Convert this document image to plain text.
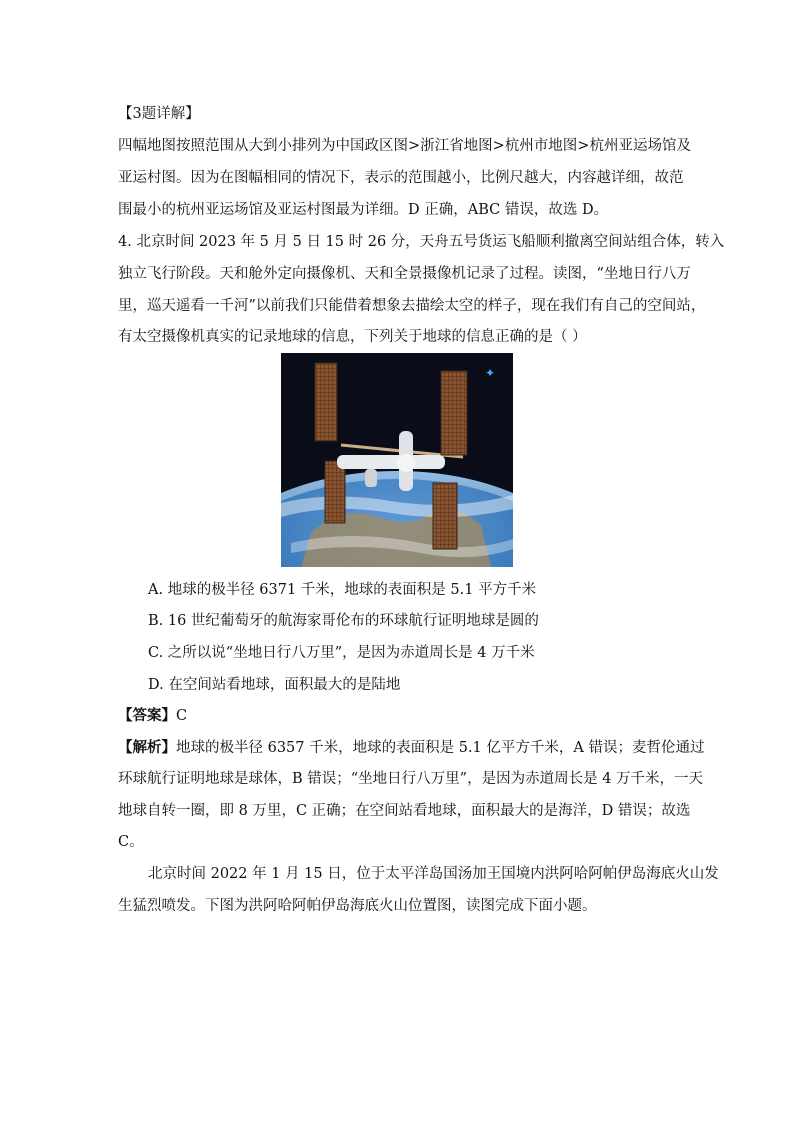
【3题详解】
四幅地图按照范围从大到小排列为中国政区图>浙江省地图>杭州市地图>杭州亚运场馆及
亚运村图。因为在图幅相同的情况下，表示的范围越小，比例尺越大，内容越详细，故范
围最小的杭州亚运场馆及亚运村图最为详细。D 正确，ABC 错误，故选 D。
4. 北京时间 2023 年 5 月 5 日 15 时 26 分，天舟五号货运飞船顺利撤离空间站组合体，转入
独立飞行阶段。天和舱外定向摄像机、天和全景摄像机记录了过程。读图，“坐地日行八万
里，巡天遥看一千河”以前我们只能借着想象去描绘太空的样子，现在我们有自己的空间站，
有太空摄像机真实的记录地球的信息，下列关于地球的信息正确的是（ ）
✦
A. 地球的极半径 6371 千米，地球的表面积是 5.1 平方千米
B. 16 世纪葡萄牙的航海家哥伦布的环球航行证明地球是圆的
C. 之所以说“坐地日行八万里”，是因为赤道周长是 4 万千米
D. 在空间站看地球，面积最大的是陆地
【答案】C
【解析】地球的极半径 6357 千米，地球的表面积是 5.1 亿平方千米，A 错误；麦哲伦通过
环球航行证明地球是球体，B 错误；“坐地日行八万里”，是因为赤道周长是 4 万千米，一天
地球自转一圈，即 8 万里，C 正确；在空间站看地球，面积最大的是海洋，D 错误；故选
C。
北京时间 2022 年 1 月 15 日，位于太平洋岛国汤加王国境内洪阿哈阿帕伊岛海底火山发
生猛烈喷发。下图为洪阿哈阿帕伊岛海底火山位置图，读图完成下面小题。
